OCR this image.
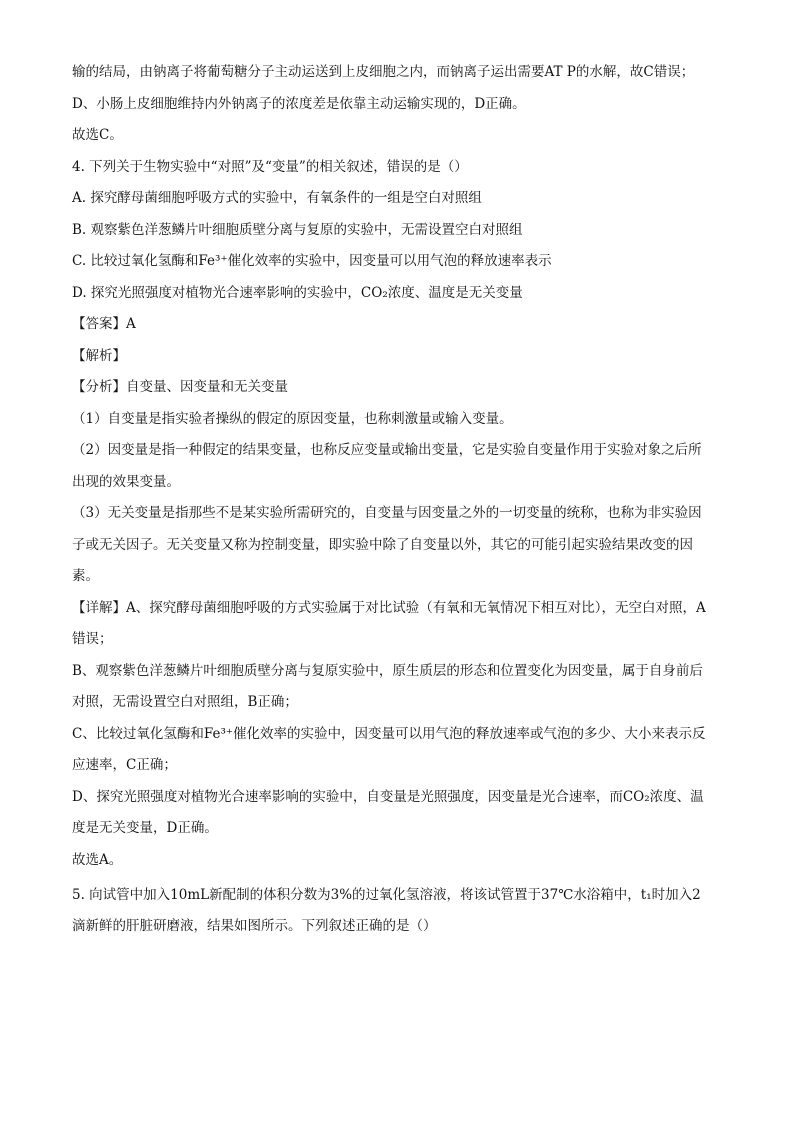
输的结局，由钠离子将葡萄糖分子主动运送到上皮细胞之内，而钠离子运出需要AT P的水解，故C错误；

D、小肠上皮细胞维持内外钠离子的浓度差是依靠主动运输实现的，D正确。

故选C。

4. 下列关于生物实验中“对照”及“变量”的相关叙述，错误的是（）

A. 探究酵母菌细胞呼吸方式的实验中，有氧条件的一组是空白对照组

B. 观察紫色洋葱鳞片叶细胞质壁分离与复原的实验中，无需设置空白对照组

C. 比较过氧化氢酶和Fe³⁺催化效率的实验中，因变量可以用气泡的释放速率表示

D. 探究光照强度对植物光合速率影响的实验中，CO₂浓度、温度是无关变量

【答案】A

【解析】

【分析】自变量、因变量和无关变量

（1）自变量是指实验者操纵的假定的原因变量，也称刺激量或输入变量。

（2）因变量是指一种假定的结果变量，也称反应变量或输出变量，它是实验自变量作用于实验对象之后所

出现的效果变量。

（3）无关变量是指那些不是某实验所需研究的，自变量与因变量之外的一切变量的统称，也称为非实验因

子或无关因子。无关变量又称为控制变量，即实验中除了自变量以外，其它的可能引起实验结果改变的因

素。

【详解】A、探究酵母菌细胞呼吸的方式实验属于对比试验（有氧和无氧情况下相互对比），无空白对照，A

错误；

B、观察紫色洋葱鳞片叶细胞质壁分离与复原实验中，原生质层的形态和位置变化为因变量，属于自身前后

对照，无需设置空白对照组，B正确；

C、比较过氧化氢酶和Fe³⁺催化效率的实验中，因变量可以用气泡的释放速率或气泡的多少、大小来表示反

应速率，C正确；

D、探究光照强度对植物光合速率影响的实验中，自变量是光照强度，因变量是光合速率，而CO₂浓度、温

度是无关变量，D正确。

故选A。

5. 向试管中加入10mL新配制的体积分数为3%的过氧化氢溶液，将该试管置于37℃水浴箱中，t₁时加入2

滴新鲜的肝脏研磨液，结果如图所示。下列叙述正确的是（）
